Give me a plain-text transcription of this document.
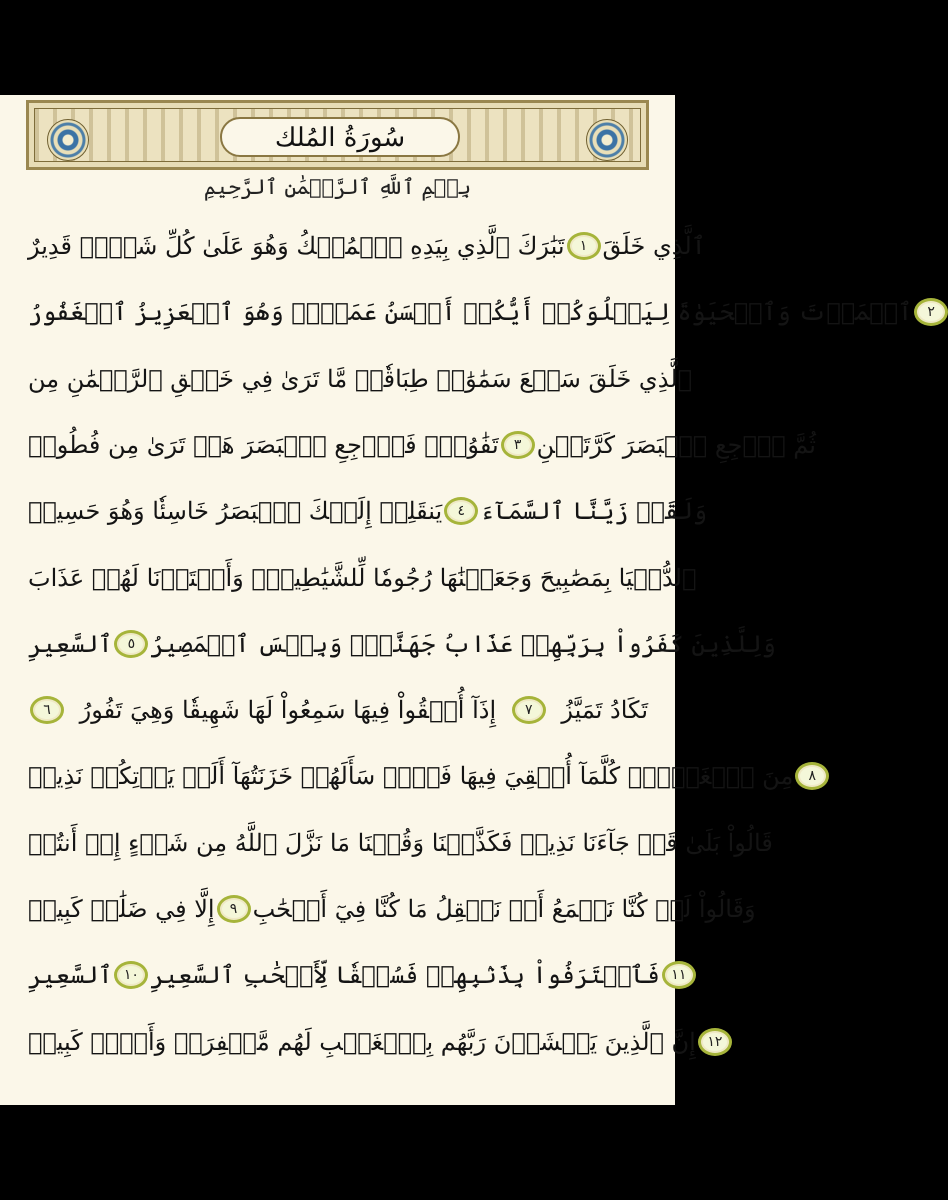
سُورَةُ المُلك
بِسۡمِ ٱللَّهِ ٱلرَّحۡمَٰنِ ٱلرَّحِيمِ
تَبَٰرَكَ ٱلَّذِي بِيَدِهِ ٱلۡمُلۡكُ وَهُوَ عَلَىٰ كُلِّ شَيۡءٖ قَدِيرٌ	١ ٱلَّذِي خَلَقَ
ٱلۡمَوۡتَ وَٱلۡحَيَوٰةَ لِيَبۡلُوَكُمۡ أَيُّكُمۡ أَحۡسَنُ عَمَلٗاۚ وَهُوَ ٱلۡعَزِيزُ ٱلۡغَفُورُ	٢
ٱلَّذِي خَلَقَ سَبۡعَ سَمَٰوَٰتٖ طِبَاقٗاۖ مَّا تَرَىٰ فِي خَلۡقِ ٱلرَّحۡمَٰنِ مِن
تَفَٰوُتٖۖ فَٱرۡجِعِ ٱلۡبَصَرَ هَلۡ تَرَىٰ مِن فُطُورٖ	٣ ثُمَّ ٱرۡجِعِ ٱلۡبَصَرَ كَرَّتَيۡنِ
يَنقَلِبۡ إِلَيۡكَ ٱلۡبَصَرُ خَاسِئٗا وَهُوَ حَسِيرٞ	٤ وَلَقَدۡ زَيَّنَّا ٱلسَّمَآءَ
ٱلدُّنۡيَا بِمَصَٰبِيحَ وَجَعَلۡنَٰهَا رُجُومٗا لِّلشَّيَٰطِينِۖ وَأَعۡتَدۡنَا لَهُمۡ عَذَابَ
ٱلسَّعِيرِ	٥ وَلِلَّذِينَ كَفَرُواْ بِرَبِّهِمۡ عَذَابُ جَهَنَّمَۖ وَبِئۡسَ ٱلۡمَصِيرُ
٦	إِذَآ أُلۡقُواْ فِيهَا سَمِعُواْ لَهَا شَهِيقٗا وَهِيَ تَفُورُ	٧	تَكَادُ تَمَيَّزُ
مِنَ ٱلۡغَيۡظِۖ كُلَّمَآ أُلۡقِيَ فِيهَا فَوۡجٞ سَأَلَهُمۡ خَزَنَتُهَآ أَلَمۡ يَأۡتِكُمۡ نَذِيرٞ	٨
قَالُواْ بَلَىٰ قَدۡ جَآءَنَا نَذِيرٞ فَكَذَّبۡنَا وَقُلۡنَا مَا نَزَّلَ ٱللَّهُ مِن شَيۡءٍ إِنۡ أَنتُمۡ
إِلَّا فِي ضَلَٰلٖ كَبِيرٖ	٩ وَقَالُواْ لَوۡ كُنَّا نَسۡمَعُ أَوۡ نَعۡقِلُ مَا كُنَّا فِيٓ أَصۡحَٰبِ
ٱلسَّعِيرِ ١٠ فَٱعۡتَرَفُواْ بِذَنۢبِهِمۡ فَسُحۡقٗا لِّأَصۡحَٰبِ ٱلسَّعِيرِ ١١
إِنَّ ٱلَّذِينَ يَخۡشَوۡنَ رَبَّهُم بِٱلۡغَيۡبِ لَهُم مَّغۡفِرَةٞ وَأَجۡرٞ كَبِيرٞ ١٢
